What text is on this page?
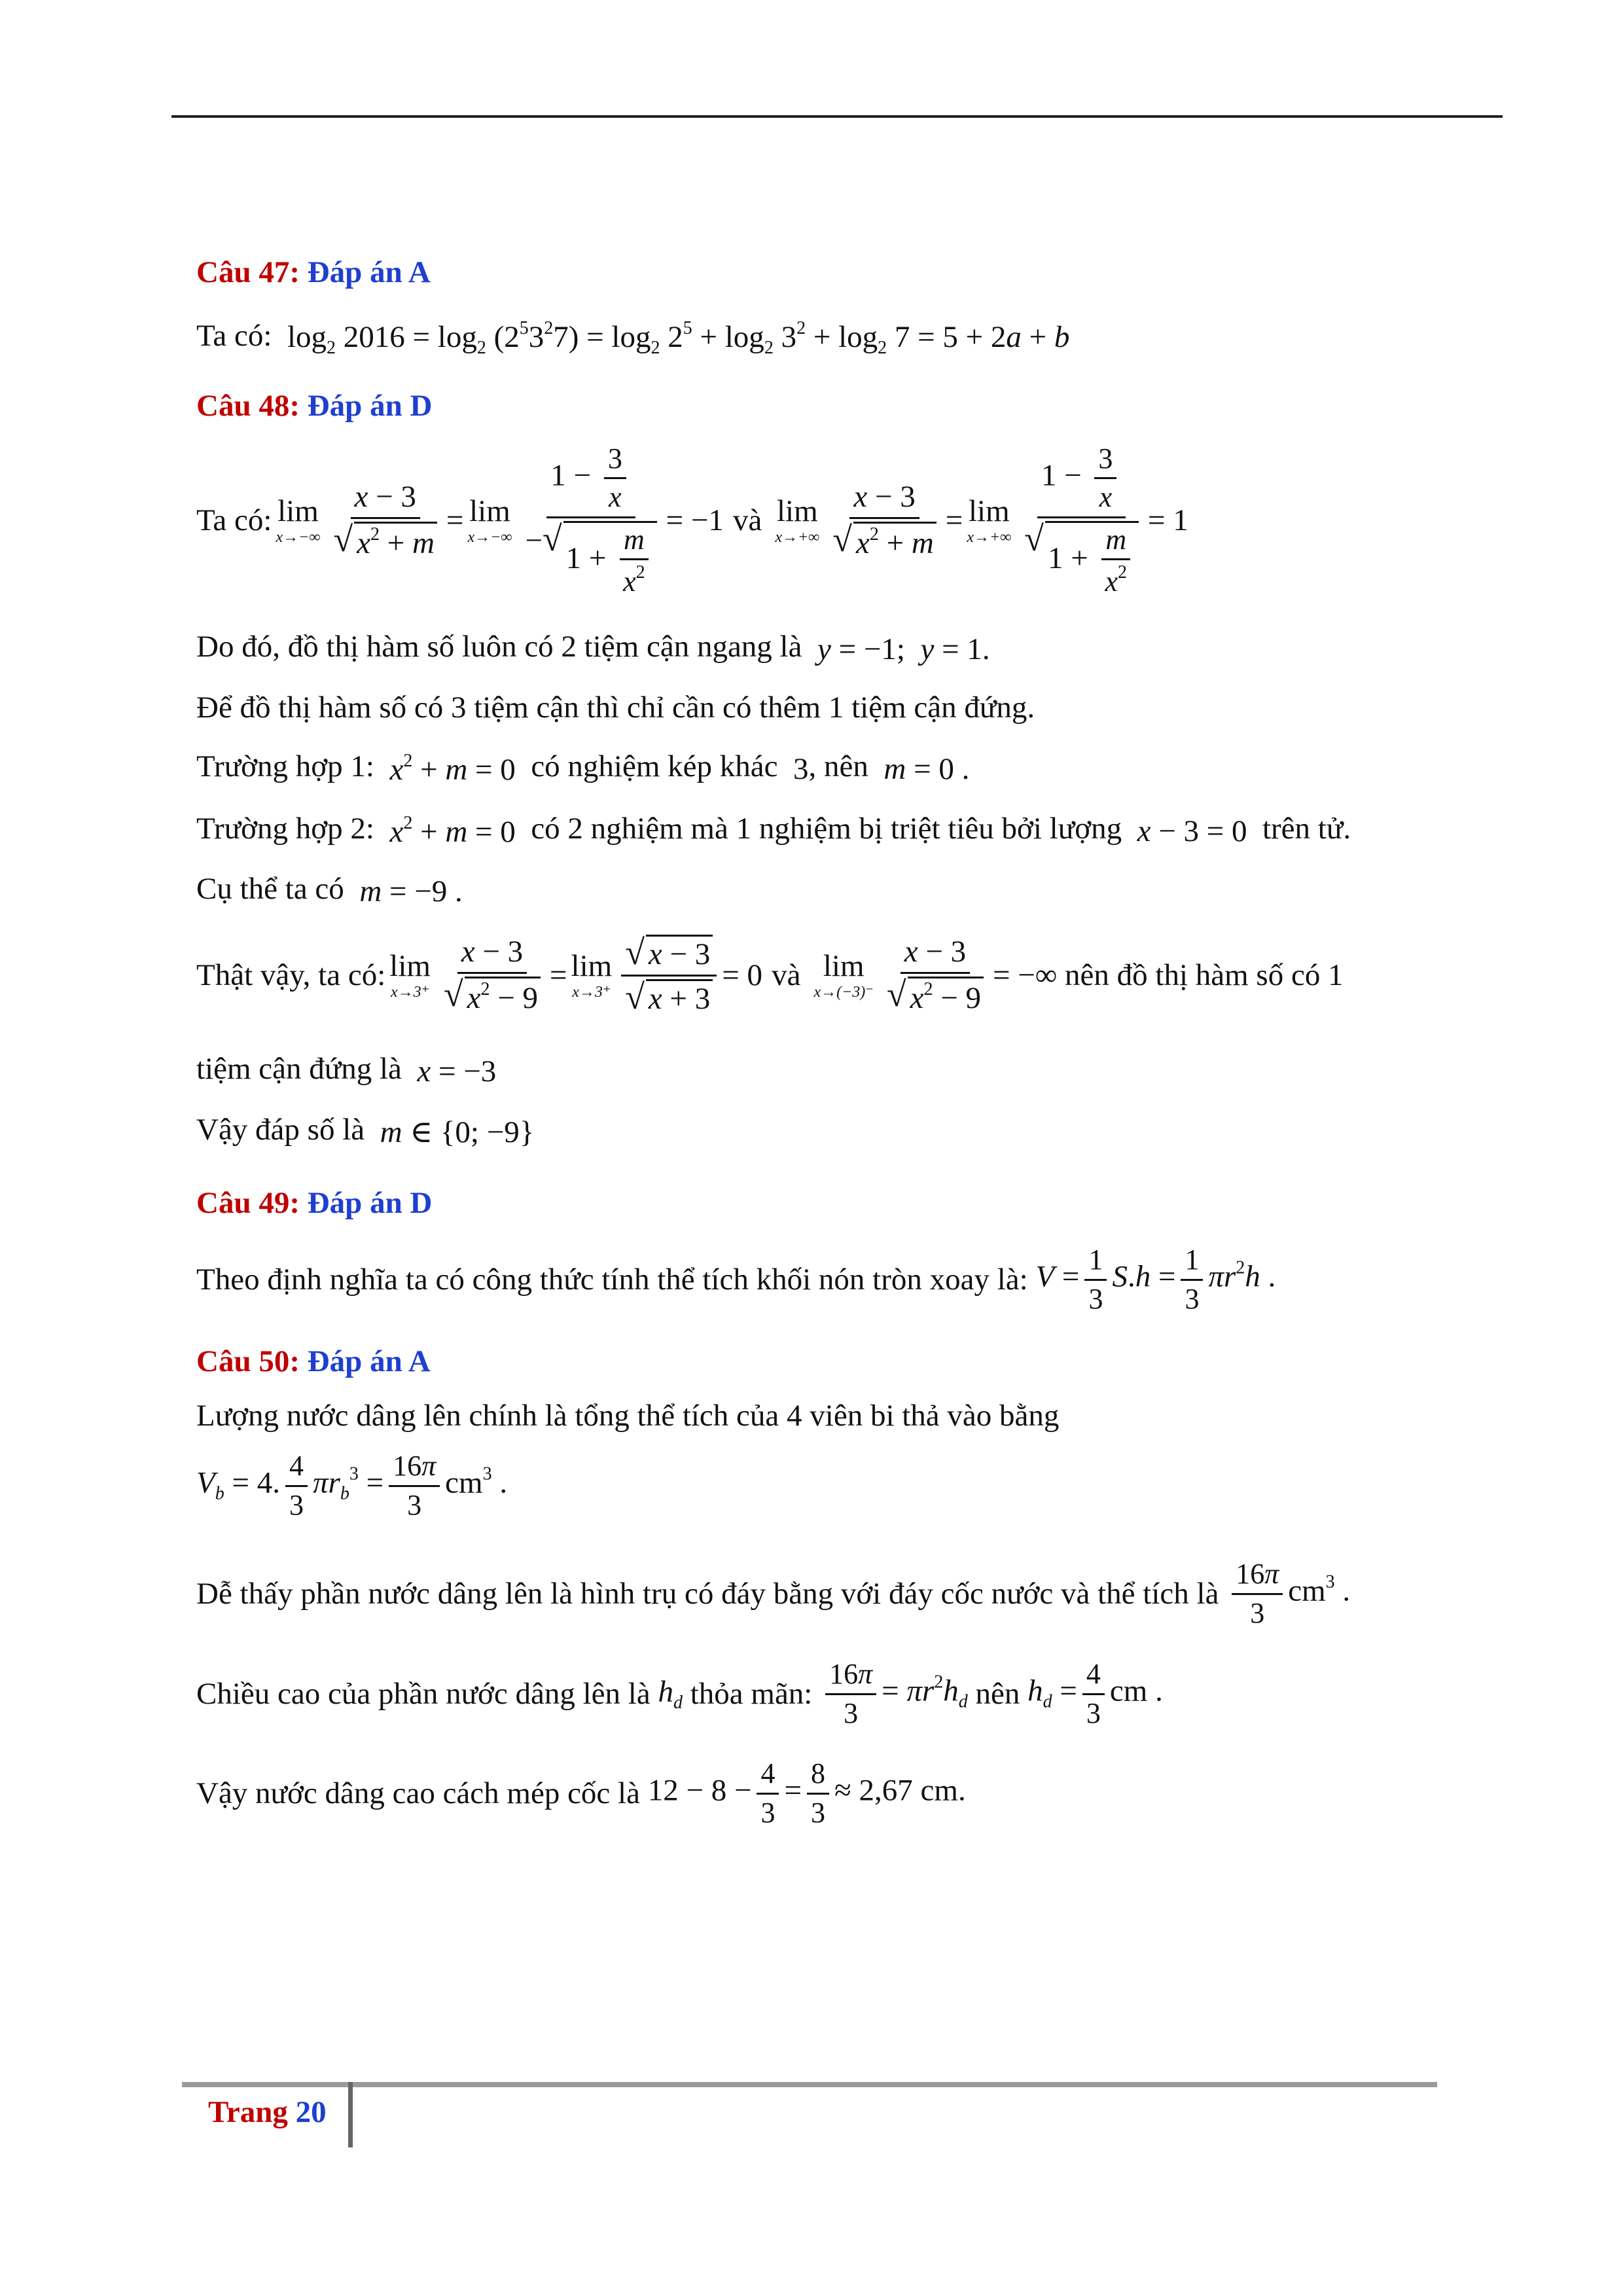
Câu 47: Đáp án A
Ta có:  $\log_2 2016 = \log_2 (2^53^27) = \log_2 2^5 + \log_2 3^2 + \log_2 7 = 5 + 2a + b$
Câu 48: Đáp án D
Ta có: lim
$x\to-\infty \frac{x - 3}{√ x^2 + m} = \lim$
x→−∞ $1 - \frac{3}{x}$
− √
$1 + \frac{m}{x^2} = -1$ và lim
$x\to+\infty \frac{x - 3}{√ x^2 + m} = \lim$
x→+∞ $1 - \frac{3}{x}$
√
$1 + \frac{m}{x^2} = 1$
Do đó, đồ thị hàm số luôn có 2 tiệm cận ngang là y = −1;  y = 1.
Để đồ thị hàm số có 3 tiệm cận thì chỉ cần có thêm 1 tiệm cận đứng.
Trường hợp 1: $x^2 + m = 0$  có nghiệm kép khác  3, nên m = 0 .
Trường hợp 2: $x^2 + m = 0$  có 2 nghiệm mà 1 nghiệm bị triệt tiêu bởi lượng x − 3 = 0  trên tử.
Cụ thể ta có m = −9 .
Thật vậy, ta có: lim
$x\to 3^+ \frac{x - 3}{√ x^2 - 9} = \lim$
$x\to 3^+ \frac{√ x - 3}{√ x + 3} = 0$ và lim
$x\to(-3)^- \frac{x - 3}{√ x^2 - 9}$ = −∞ nên đồ thị hàm số có 1
tiệm cận đứng là x = −3
Vậy đáp số là m ∈ {0; −9}
Câu 49: Đáp án D
Theo định nghĩa ta có công thức tính thể tích khối nón tròn xoay là: $V = \frac{1}{3} S.h = \frac{1}{3} \pi r^2h$ .
Câu 50: Đáp án A
Lượng nước dâng lên chính là tổng thể tích của 4 viên bi thả vào bằng
$V_b = 4$. $\frac{4}{3} \pi r_b^3 = \frac{16\pi}{3} cm^3$ .
Dễ thấy phần nước dâng lên là hình trụ có đáy bằng với đáy cốc nước và thể tích là
$\frac{16\pi}{3} cm^3$ .
Chiều cao của phần nước dâng lên là $h_d$ thỏa mãn:
$\frac{16\pi}{3} = \pi r^2h_d$ nên $h_d = \frac{4}{3}$ cm .
Vậy nước dâng cao cách mép cốc là $12 - 8 - \frac{4}{3} = \frac{8}{3} \approx 2,67$ cm.
Trang 20
